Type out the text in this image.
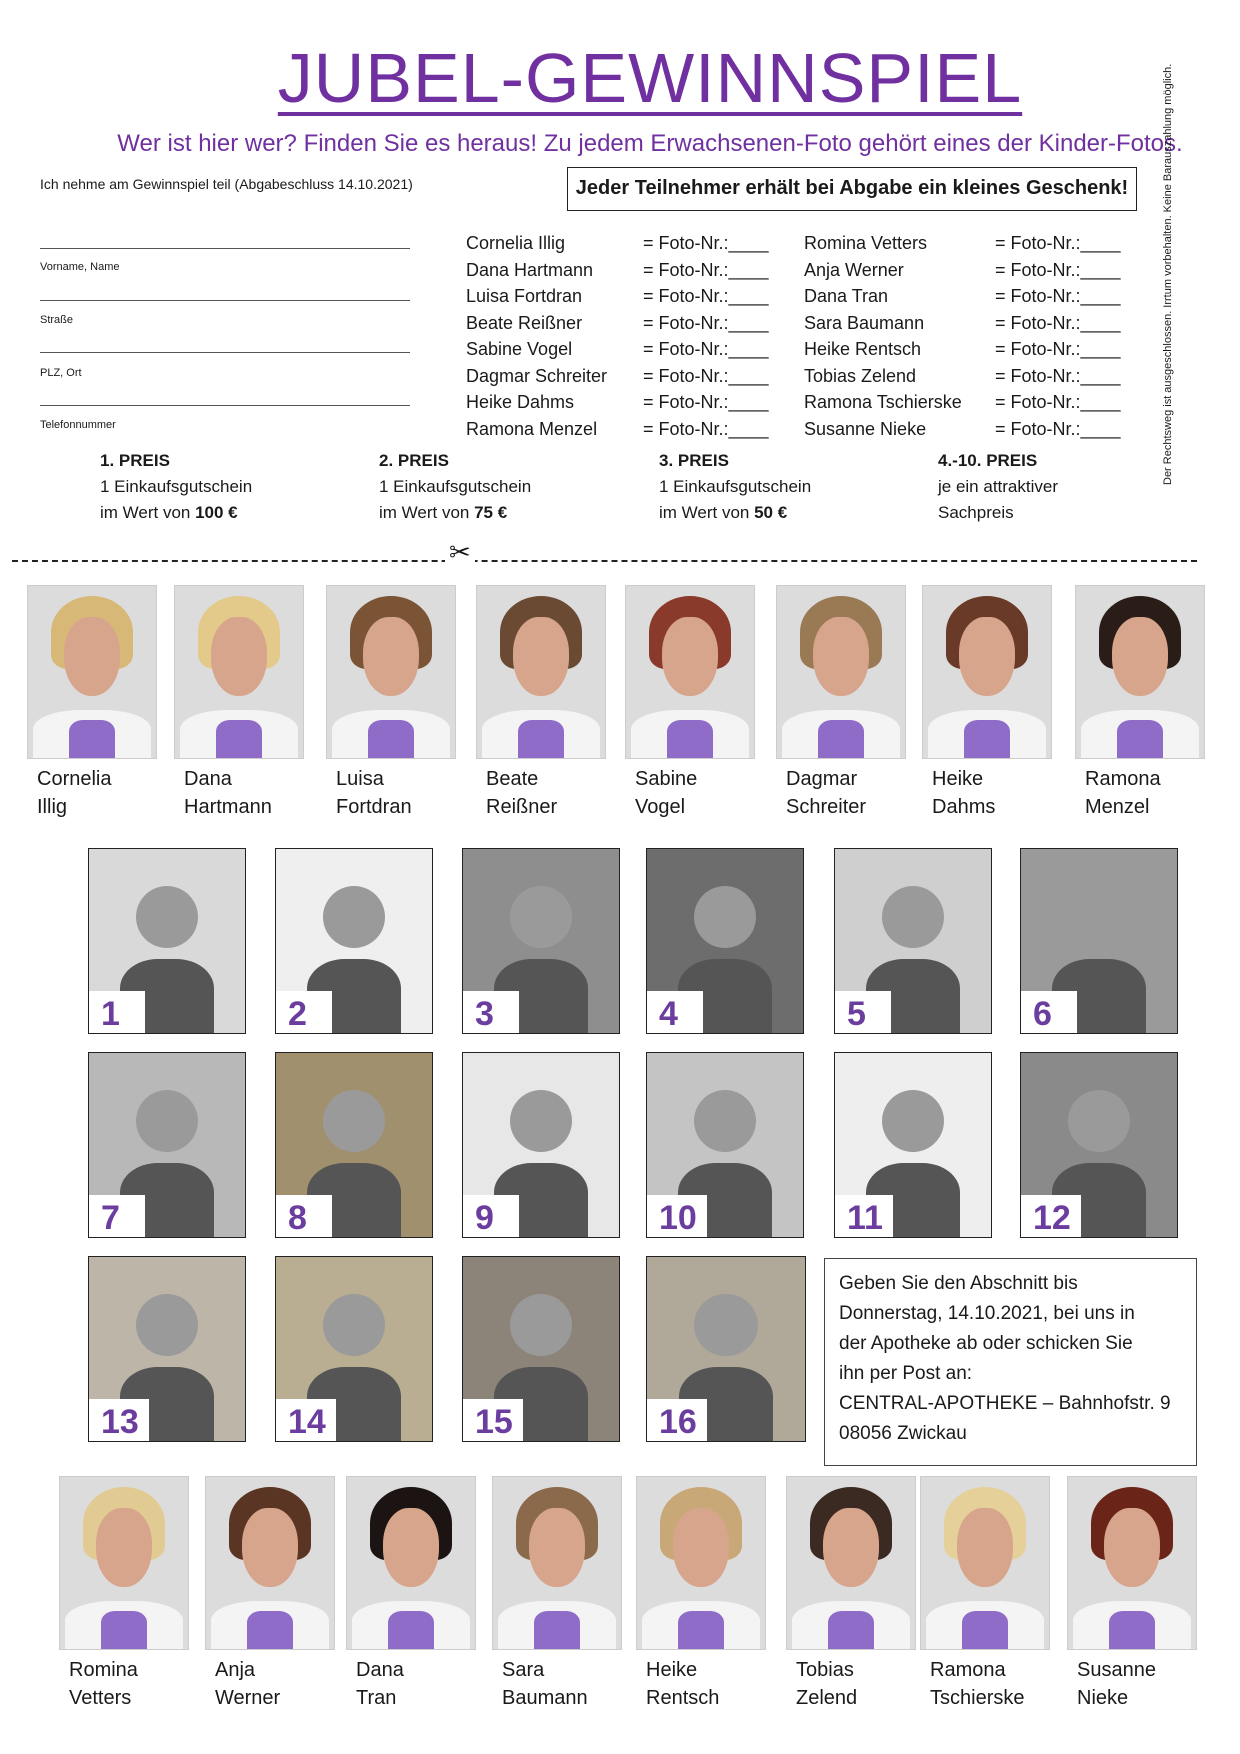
JUBEL-GEWINNSPIEL
Wer ist hier wer? Finden Sie es heraus! Zu jedem Erwachsenen-Foto gehört eines der Kinder-Fotos.
Ich nehme am Gewinnspiel teil (Abgabeschluss 14.10.2021)	Jeder Teilnehmer erhält bei Abgabe ein kleines Geschenk!	Der Rechtsweg ist ausgeschlossen. Irrtum vorbehalten. Keine Barauszahlung möglich.
Vorname, Name
Straße
PLZ, Ort
Telefonnummer
Cornelia Illig	= Foto-Nr.:____
Dana Hartmann	= Foto-Nr.:____
Luisa Fortdran	= Foto-Nr.:____
Beate Reißner	= Foto-Nr.:____
Sabine Vogel	= Foto-Nr.:____
Dagmar Schreiter = Foto-Nr.:____
Heike Dahms	= Foto-Nr.:____
Ramona Menzel	= Foto-Nr.:____
Romina Vetters	= Foto-Nr.:____
Anja Werner	= Foto-Nr.:____
Dana Tran	= Foto-Nr.:____
Sara Baumann	= Foto-Nr.:____
Heike Rentsch	= Foto-Nr.:____
Tobias Zelend	= Foto-Nr.:____
Ramona Tschierske = Foto-Nr.:____
Susanne Nieke	= Foto-Nr.:____
1. PREIS
1 Einkaufsgutschein
im Wert von 100 €
2. PREIS
1 Einkaufsgutschein
im Wert von 75 €
3. PREIS
1 Einkaufsgutschein
im Wert von 50 €
4.-10. PREIS
je ein attraktiver
Sachpreis
✂
Cornelia
Illig
Dana
Hartmann
Luisa
Fortdran
Beate
Reißner
Sabine
Vogel
Dagmar
Schreiter
Heike
Dahms
Ramona
Menzel
1	2	3	4	5	6
7	8	9	10	11	12
13	14	15	16
Romina
Vetters
Anja
Werner
Dana
Tran
Sara
Baumann
Heike
Rentsch
Tobias
Zelend
Ramona
Tschierske
Susanne
Nieke
Geben Sie den Abschnitt bis
Donnerstag, 14.10.2021, bei uns in
der Apotheke ab oder schicken Sie
ihn per Post an:
CENTRAL-APOTHEKE – Bahnhofstr. 9
08056 Zwickau
